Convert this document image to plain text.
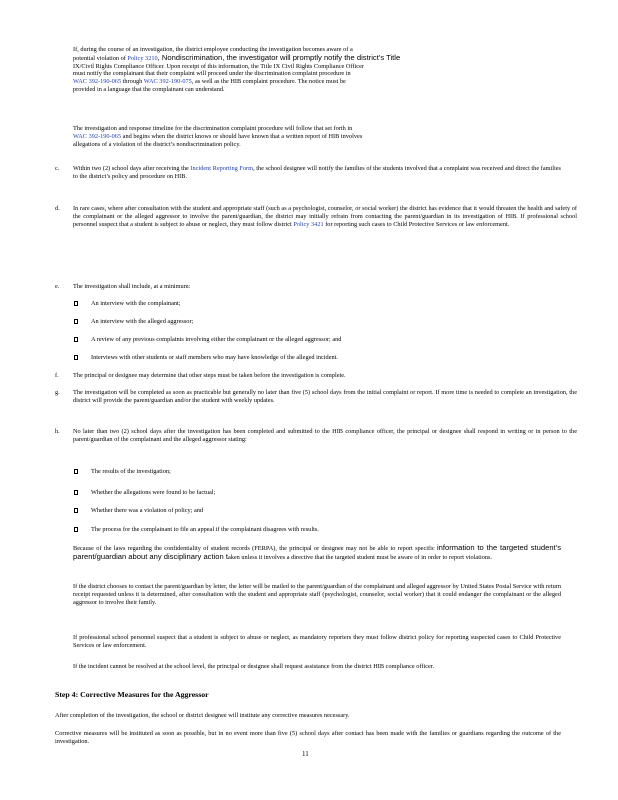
If, during the course of an investigation, the district employee conducting the investigation becomes aware of a

potential violation of Policy 3210, Nondiscrimination, the investigator will promptly notify the district’s Title

IX/Civil Rights Compliance Officer. Upon receipt of this information, the Title IX Civil Rights Compliance Officer

must notify the complainant that their complaint will proceed under the discrimination complaint procedure in

WAC 392-190-065 through WAC 392-190-075, as well as the HIB complaint procedure. The notice must be

provided in a language that the complainant can understand.

The investigation and response timeline for the discrimination complaint procedure will follow that set forth in

WAC 392-190-065 and begins when the district knows or should have known that a written report of HIB involves

allegations of a violation of the district’s nondiscrimination policy.

c. Within two (2) school days after receiving the Incident Reporting Form, the school designee will notify the families of the students involved that a complaint was received and direct the families to the district’s policy and procedure on HIB.
d. In rare cases, where after consultation with the student and appropriate staff (such as a psychologist, counselor, or social worker) the district has evidence that it would threaten the health and safety of the complainant or the alleged aggressor to involve the parent/guardian, the district may initially refrain from contacting the parent/guardian in its investigation of HIB. If professional school personnel suspect that a student is subject to abuse or neglect, they must follow district Policy 3421 for reporting such cases to Child Protective Services or law enforcement.
e. The investigation shall include, at a minimum:
An interview with the complainant;
An interview with the alleged aggressor;
A review of any previous complaints involving either the complainant or the alleged aggressor; and
Interviews with other students or staff members who may have knowledge of the alleged incident.
f. The principal or designee may determine that other steps must be taken before the investigation is complete.
g. The investigation will be completed as soon as practicable but generally no later than five (5) school days from the initial complaint or report. If more time is needed to complete an investigation, the district will provide the parent/guardian and/or the student with weekly updates.
h. No later than two (2) school days after the investigation has been completed and submitted to the HIB compliance officer, the principal or designee shall respond in writing or in person to the parent/guardian of the complainant and the alleged aggressor stating:
The results of the investigation;
Whether the allegations were found to be factual;
Whether there was a violation of policy; and
The process for the complainant to file an appeal if the complainant disagrees with results.
Because of the laws regarding the confidentiality of student records (FERPA), the principal or designee may not be able to report specific information to the targeted student’s parent/guardian about any disciplinary action taken unless it involves a directive that the targeted student must be aware of in order to report violations.
If the district chooses to contact the parent/guardian by letter, the letter will be mailed to the parent/guardian of the complainant and alleged aggressor by United States Postal Service with return receipt requested unless it is determined, after consultation with the student and appropriate staff (psychologist, counselor, social worker) that it could endanger the complainant or the alleged aggressor to involve their family.
If professional school personnel suspect that a student is subject to abuse or neglect, as mandatory reporters they must follow district policy for reporting suspected cases to Child Protective Services or law enforcement.
If the incident cannot be resolved at the school level, the principal or designee shall request assistance from the district HIB compliance officer.
Step 4: Corrective Measures for the Aggressor
After completion of the investigation, the school or district designee will institute any corrective measures necessary.
Corrective measures will be instituted as soon as possible, but in no event more than five (5) school days after contact has been made with the families or guardians regarding the outcome of the investigation.
11
